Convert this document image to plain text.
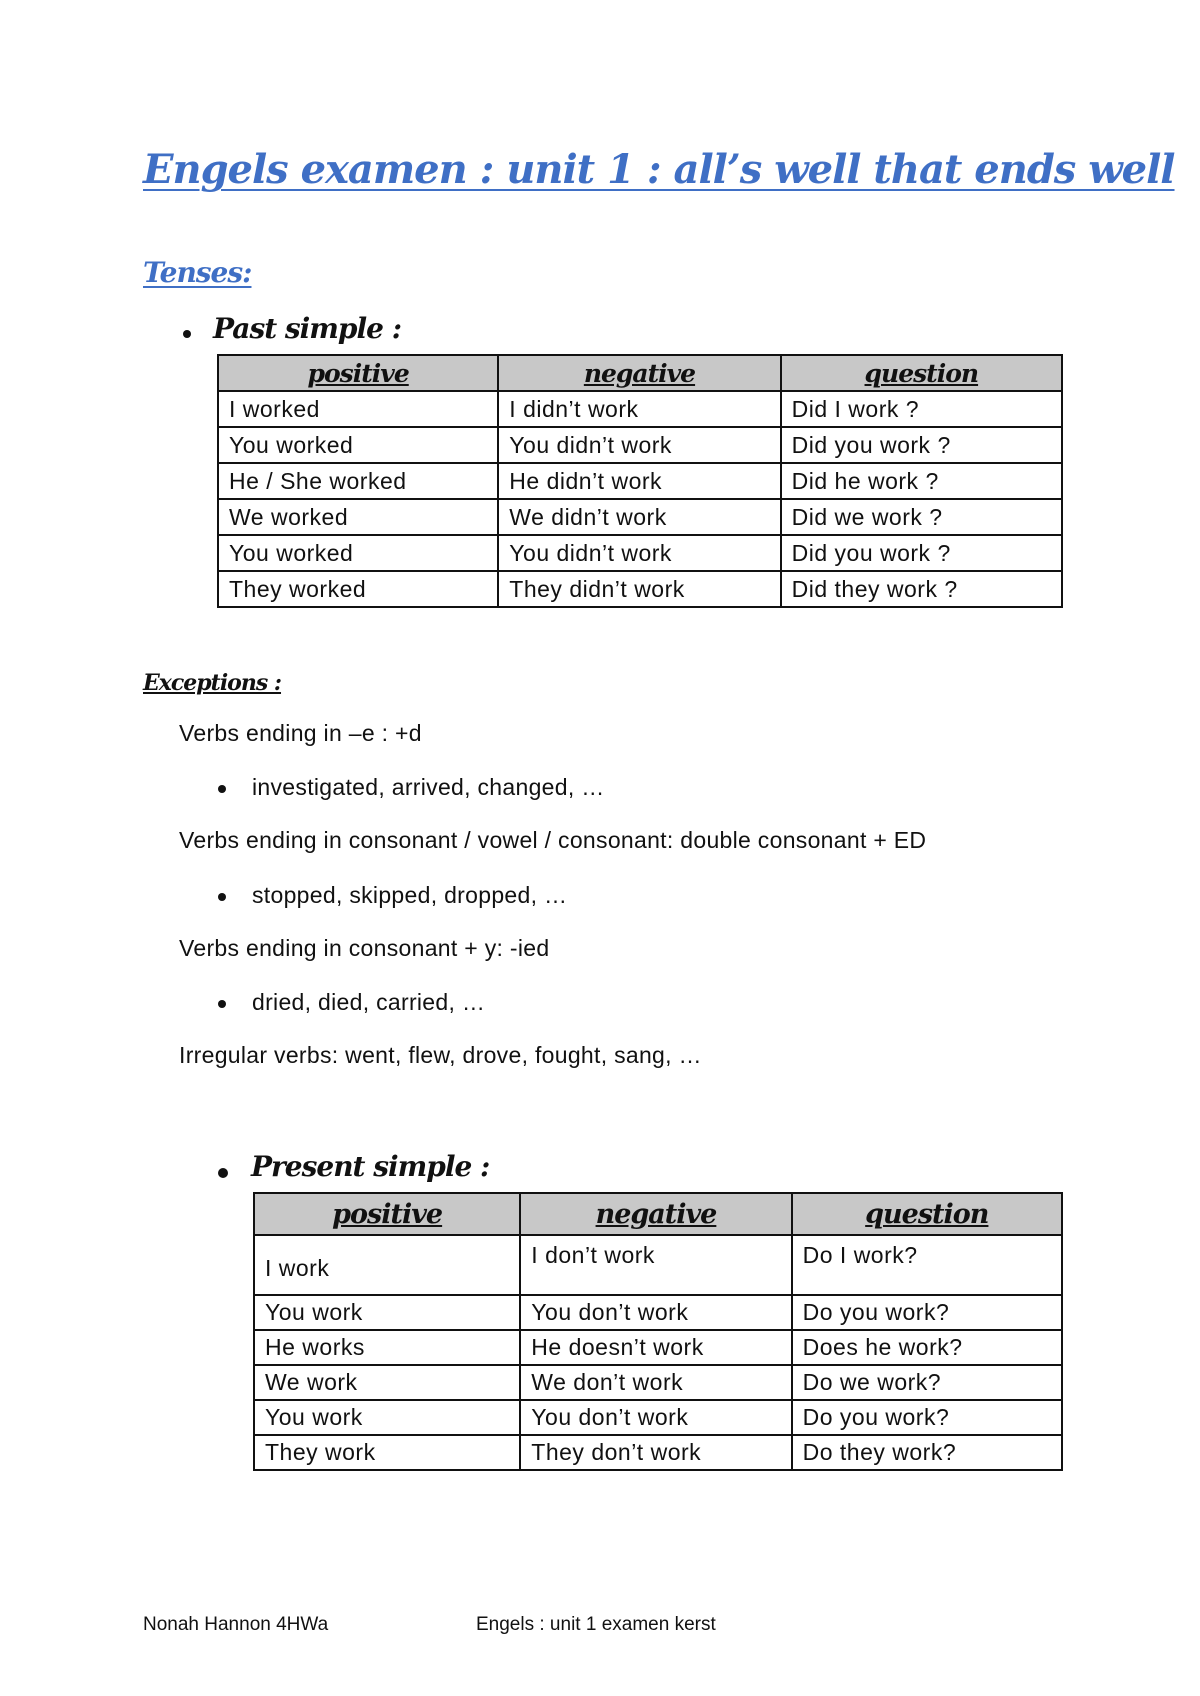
Engels examen : unit 1 : all’s well that ends well
Tenses:
Past simple :
positive	negative	question
I worked	I didn’t work	Did I work ?
You worked	You didn’t work	Did you work ?
He / She worked	He didn’t work	Did he work ?
We worked	We didn’t work	Did we work ?
You worked	You didn’t work	Did you work ?
They worked	They didn’t work	Did they work ?
Exceptions :
Verbs ending in –e : +d
investigated, arrived, changed, …
Verbs ending in consonant / vowel / consonant: double consonant + ED
stopped, skipped, dropped, …
Verbs ending in consonant + y: -ied
dried, died, carried, …
Irregular verbs: went, flew, drove, fought, sang, …
Present simple :
positive	negative	question
I work	I don’t work	Do I work?
You work	You don’t work	Do you work?
He works	He doesn’t work	Does he work?
We work	We don’t work	Do we work?
You work	You don’t work	Do you work?
They work	They don’t work	Do they work?
Nonah Hannon 4HWa	Engels : unit 1 examen kerst
